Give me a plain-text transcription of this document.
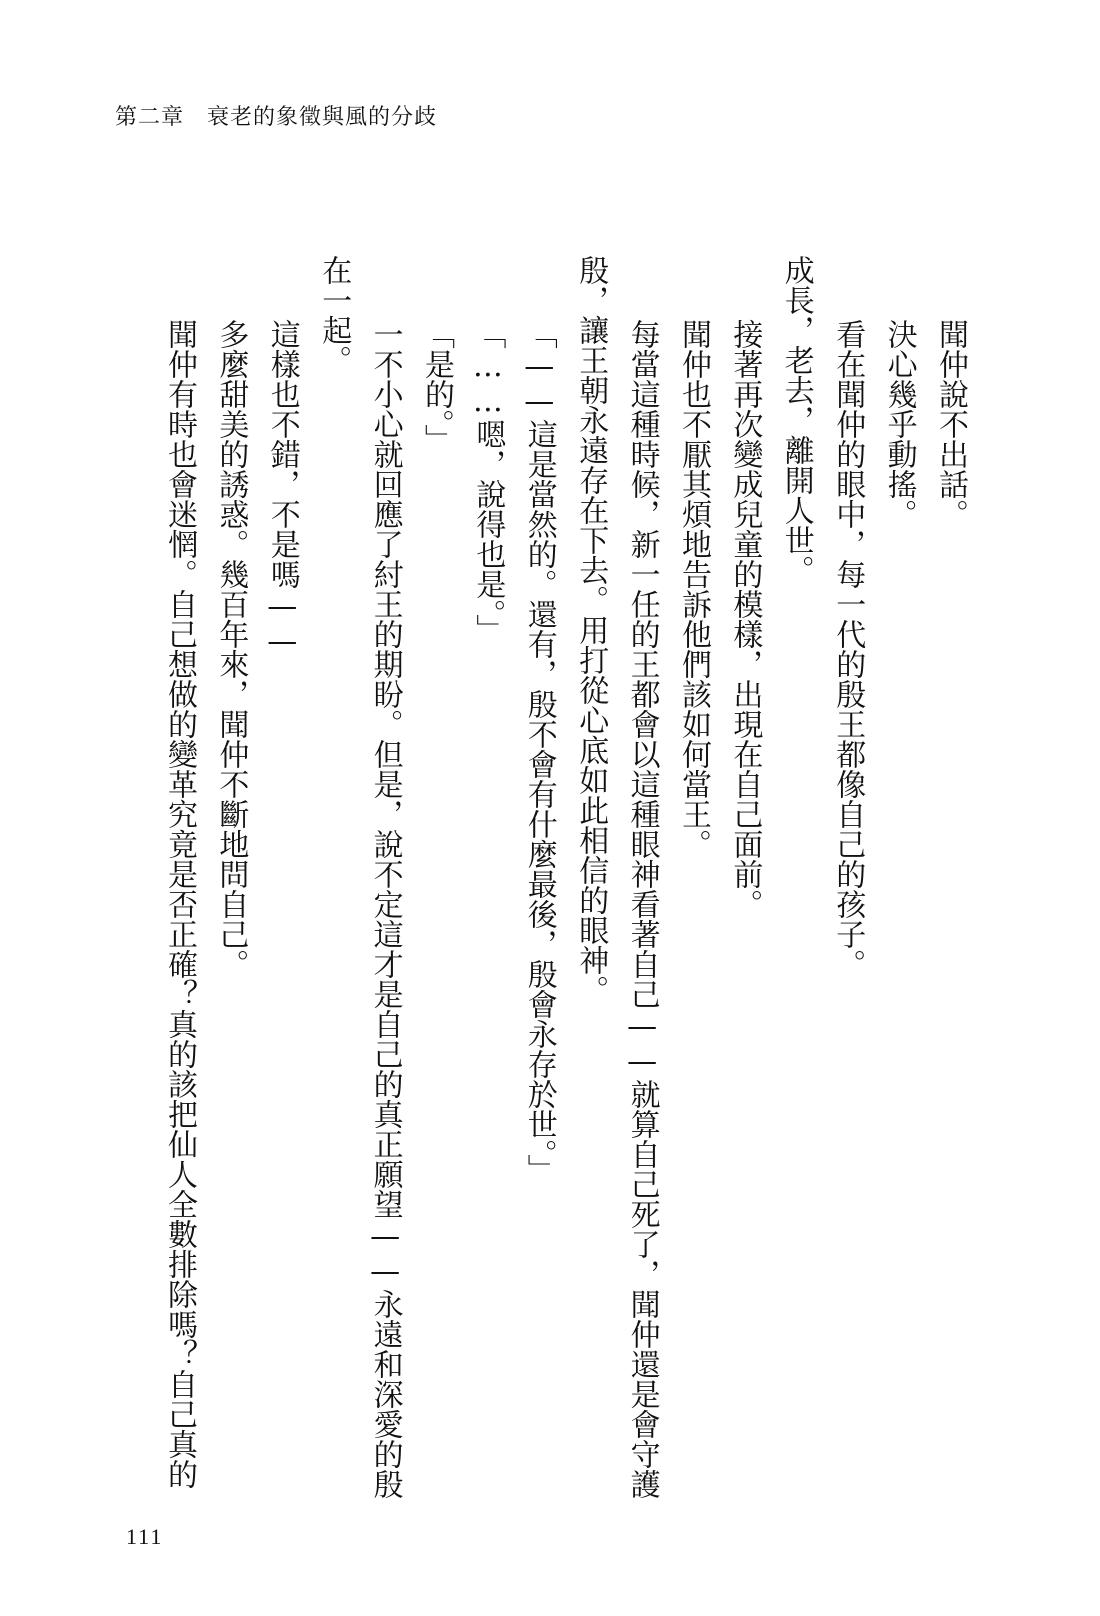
第二章　衰老的象徵與風的分歧
聞仲說不出話。
決心幾乎動搖。
看在聞仲的眼中，每一代的殷王都像自己的孩子。
成長，老去，離開人世。
接著再次變成兒童的模樣，出現在自己面前。
聞仲也不厭其煩地告訴他們該如何當王。
每當這種時候，新一任的王都會以這種眼神看著自己——就算自己死了，聞仲還是會守護
殷，讓王朝永遠存在下去。用打從心底如此相信的眼神。
「——這是當然的。還有，殷不會有什麼最後，殷會永存於世。」
「……嗯，說得也是。」
「是的。」
一不小心就回應了紂王的期盼。但是，說不定這才是自己的真正願望——永遠和深愛的殷
在一起。
這樣也不錯，不是嗎——
多麼甜美的誘惑。幾百年來，聞仲不斷地問自己。
聞仲有時也會迷惘。自己想做的變革究竟是否正確？真的該把仙人全數排除嗎？自己真的
111
